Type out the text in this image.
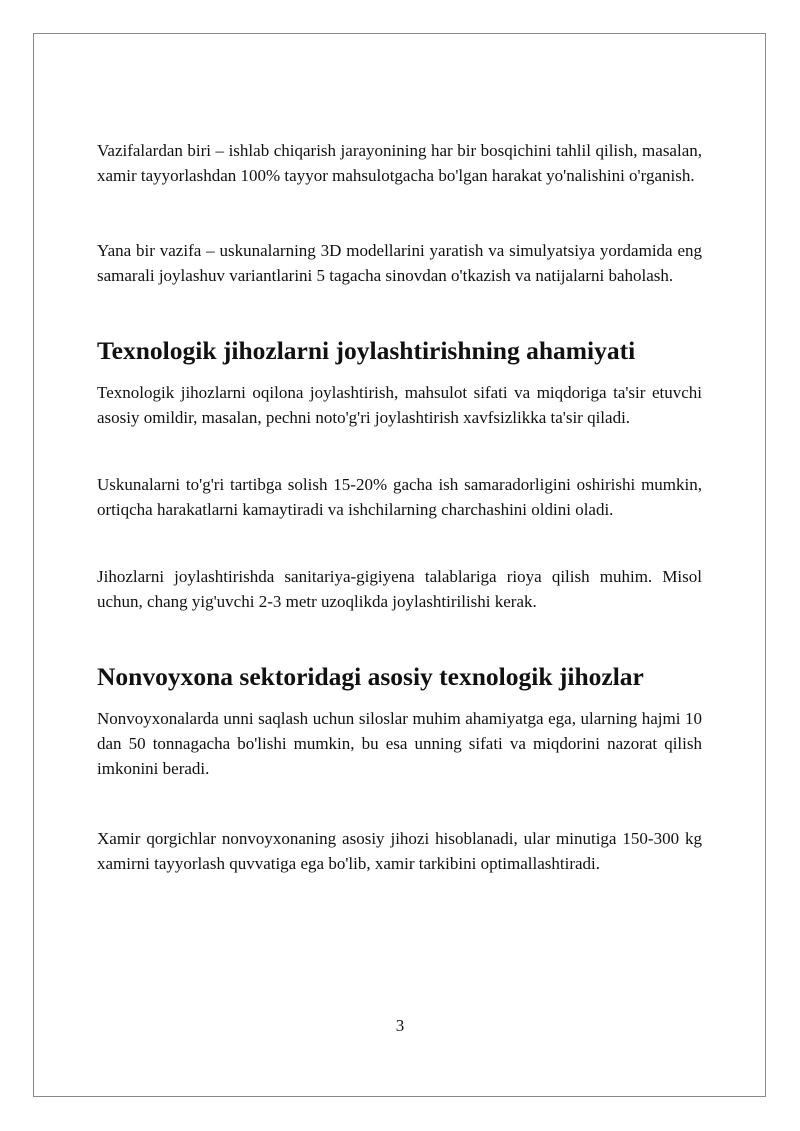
Vazifalardan biri – ishlab chiqarish jarayonining har bir bosqichini tahlil qilish, masalan, xamir tayyorlashdan 100% tayyor mahsulotgacha bo'lgan harakat yo'nalishini o'rganish.

Yana bir vazifa – uskunalarning 3D modellarini yaratish va simulyatsiya yordamida eng samarali joylashuv variantlarini 5 tagacha sinovdan o'tkazish va natijalarni baholash.

Texnologik jihozlarni joylashtirishning ahamiyati

Texnologik jihozlarni oqilona joylashtirish, mahsulot sifati va miqdoriga ta'sir etuvchi asosiy omildir, masalan, pechni noto'g'ri joylashtirish xavfsizlikka ta'sir qiladi.

Uskunalarni to'g'ri tartibga solish 15-20% gacha ish samaradorligini oshirishi mumkin, ortiqcha harakatlarni kamaytiradi va ishchilarning charchashini oldini oladi.

Jihozlarni joylashtirishda sanitariya-gigiyena talablariga rioya qilish muhim. Misol uchun, chang yig'uvchi 2-3 metr uzoqlikda joylashtirilishi kerak.

Nonvoyxona sektoridagi asosiy texnologik jihozlar

Nonvoyxonalarda unni saqlash uchun siloslar muhim ahamiyatga ega, ularning hajmi 10 dan 50 tonnagacha bo'lishi mumkin, bu esa unning sifati va miqdorini nazorat qilish imkonini beradi.

Xamir qorgichlar nonvoyxonaning asosiy jihozi hisoblanadi, ular minutiga 150-300 kg xamirni tayyorlash quvvatiga ega bo'lib, xamir tarkibini optimallashtiradi.

3
